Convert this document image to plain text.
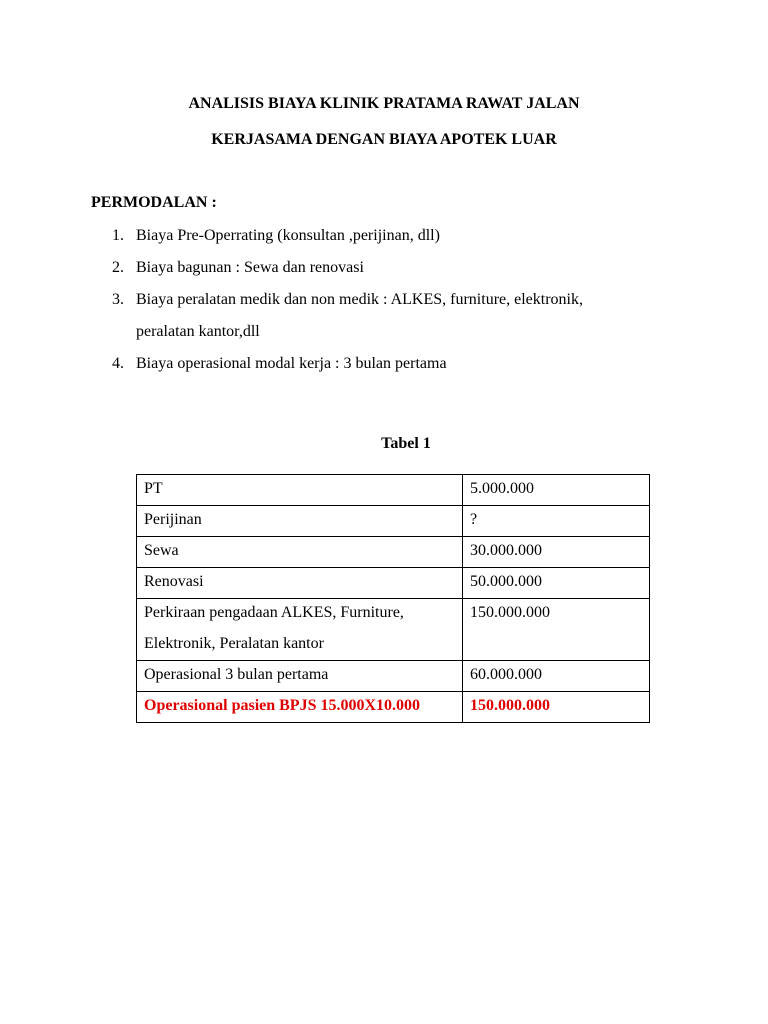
ANALISIS BIAYA KLINIK PRATAMA RAWAT JALAN
KERJASAMA DENGAN BIAYA APOTEK LUAR
PERMODALAN :
1. Biaya Pre-Operrating (konsultan ,perijinan, dll)
2. Biaya bagunan : Sewa dan renovasi
3. Biaya peralatan medik dan non medik : ALKES, furniture, elektronik,
peralatan kantor,dll
4. Biaya operasional modal kerja : 3 bulan pertama
Tabel 1
PT	5.000.000
Perijinan	?
Sewa	30.000.000
Renovasi	50.000.000
Perkiraan pengadaan ALKES, Furniture,
Elektronik, Peralatan kantor	150.000.000
Operasional 3 bulan pertama	60.000.000
Operasional pasien BPJS 15.000X10.000	150.000.000
